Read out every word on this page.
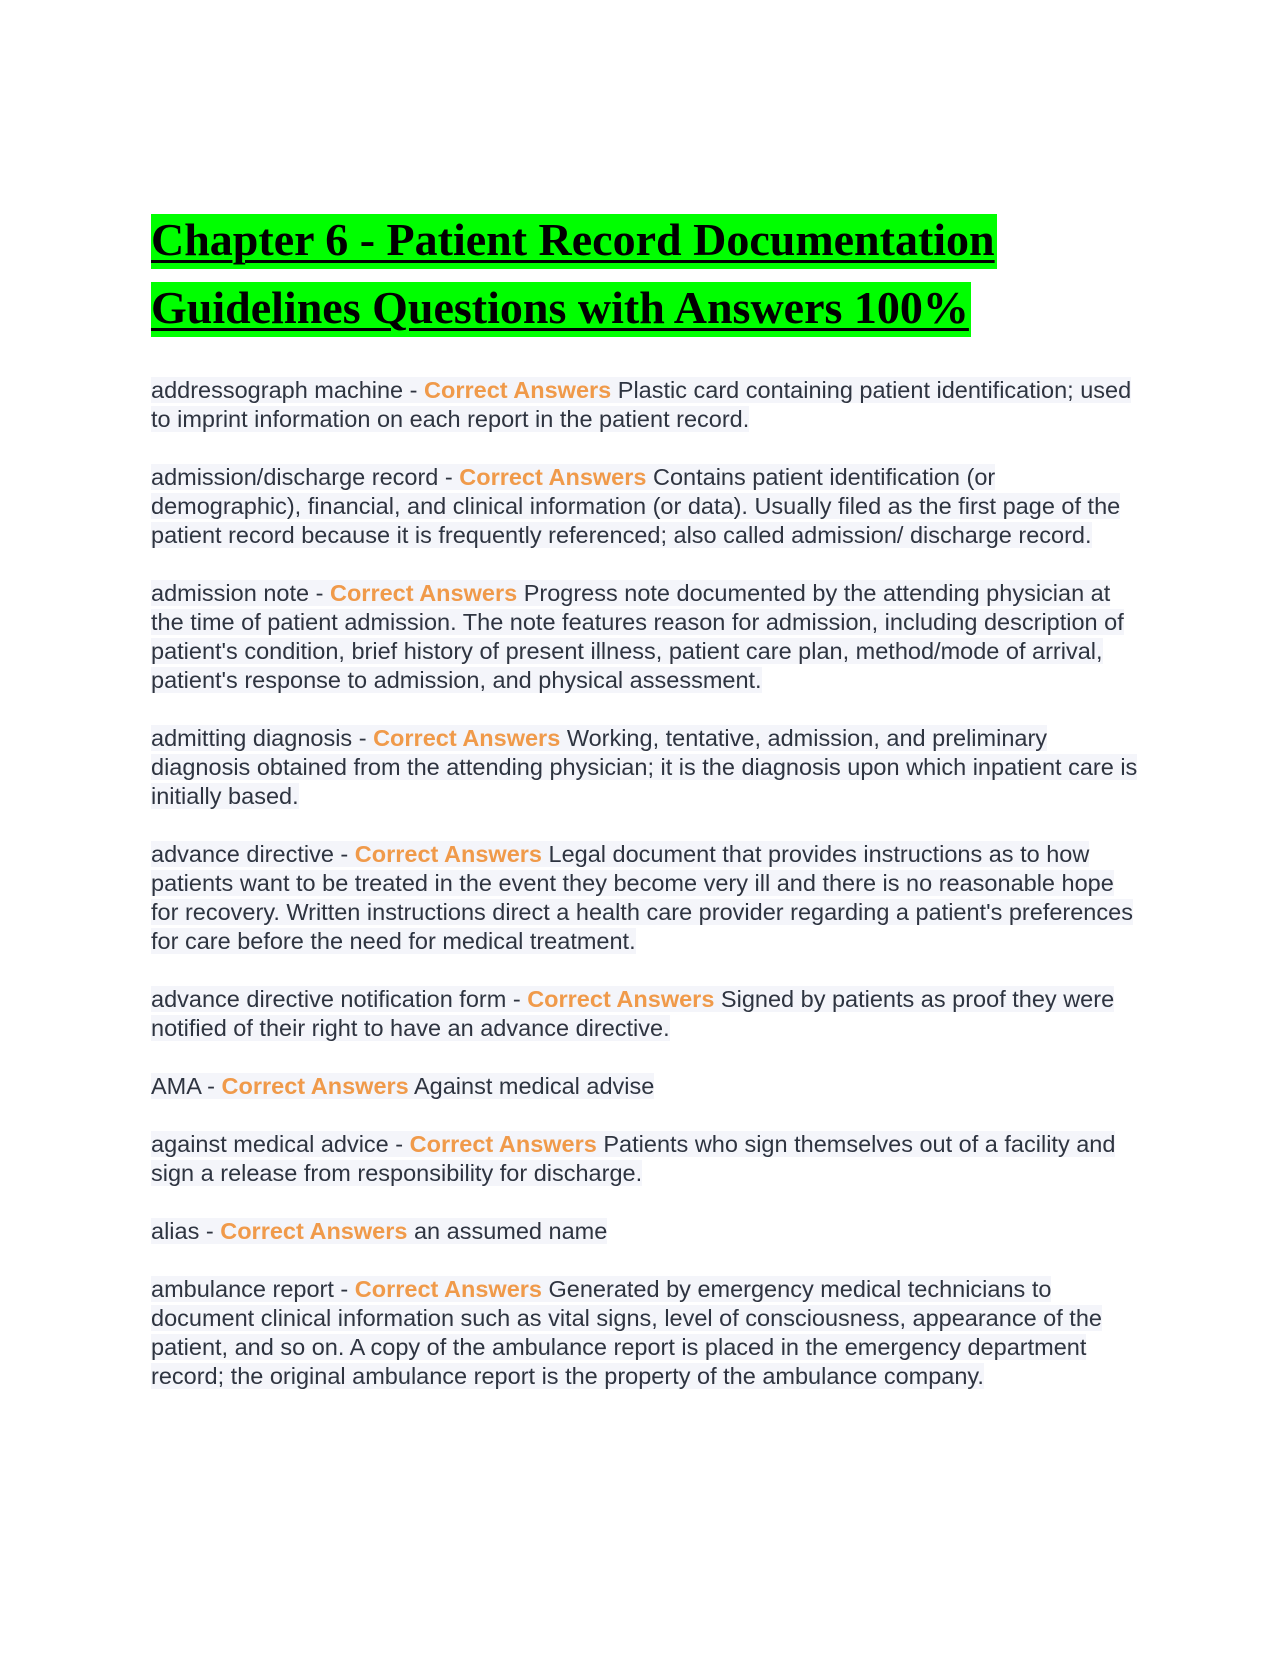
Chapter 6 - Patient Record Documentation
Guidelines Questions with Answers 100%

addressograph machine - Correct Answers Plastic card containing patient identification; used to imprint information on each report in the patient record.

admission/discharge record - Correct Answers Contains patient identification (or demographic), financial, and clinical information (or data). Usually filed as the first page of the patient record because it is frequently referenced; also called admission/ discharge record.

admission note - Correct Answers Progress note documented by the attending physician at the time of patient admission. The note features reason for admission, including description of patient's condition, brief history of present illness, patient care plan, method/mode of arrival, patient's response to admission, and physical assessment.

admitting diagnosis - Correct Answers Working, tentative, admission, and preliminary diagnosis obtained from the attending physician; it is the diagnosis upon which inpatient care is initially based.

advance directive - Correct Answers Legal document that provides instructions as to how patients want to be treated in the event they become very ill and there is no reasonable hope for recovery. Written instructions direct a health care provider regarding a patient's preferences for care before the need for medical treatment.

advance directive notification form - Correct Answers Signed by patients as proof they were notified of their right to have an advance directive.

AMA - Correct Answers Against medical advise

against medical advice - Correct Answers Patients who sign themselves out of a facility and sign a release from responsibility for discharge.

alias - Correct Answers an assumed name

ambulance report - Correct Answers Generated by emergency medical technicians to document clinical information such as vital signs, level of consciousness, appearance of the patient, and so on. A copy of the ambulance report is placed in the emergency department record; the original ambulance report is the property of the ambulance company.
